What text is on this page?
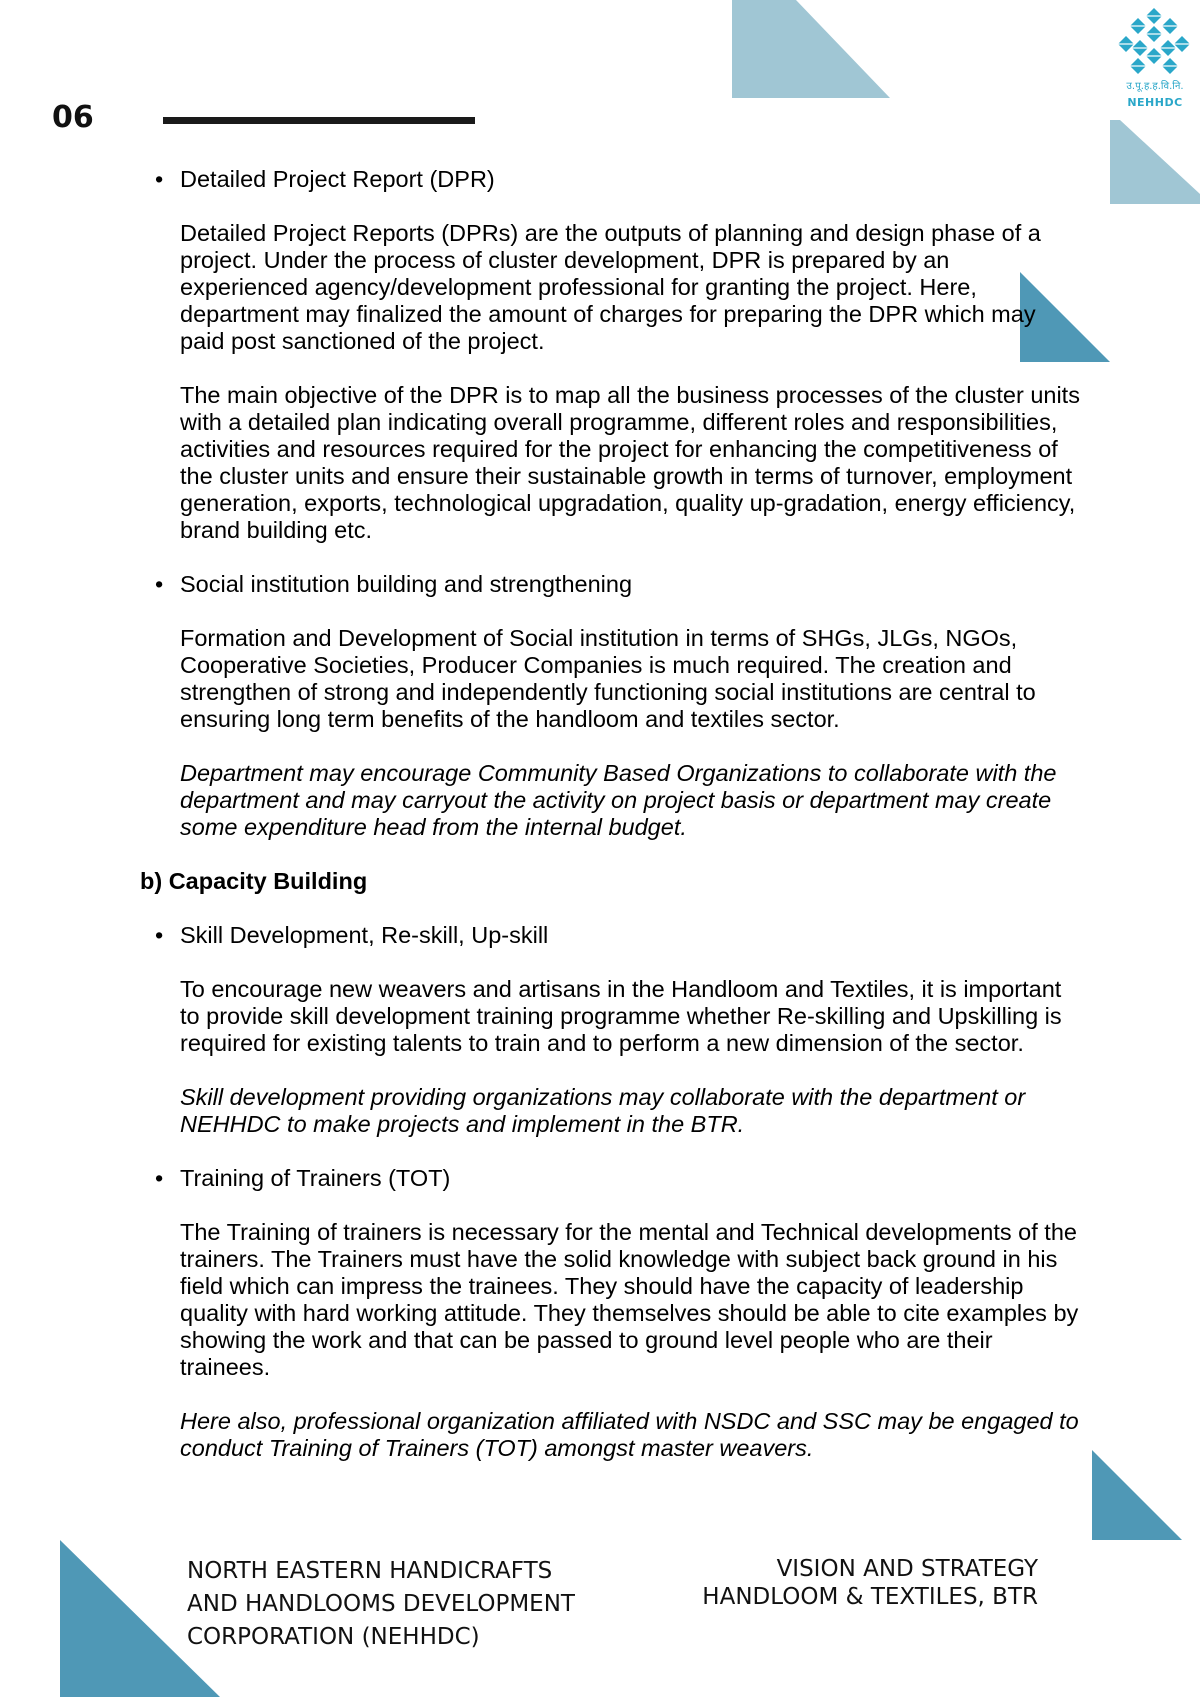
06
उ.पू.ह.ह.वि.नि.
NEHHDC

• Detailed Project Report (DPR)

Detailed Project Reports (DPRs) are the outputs of planning and design phase of a project. Under the process of cluster development, DPR is prepared by an experienced agency/development professional for granting the project. Here, department may finalized the amount of charges for preparing the DPR which may paid post sanctioned of the project.

The main objective of the DPR is to map all the business processes of the cluster units with a detailed plan indicating overall programme, different roles and responsibilities, activities and resources required for the project for enhancing the competitiveness of the cluster units and ensure their sustainable growth in terms of turnover, employment generation, exports, technological upgradation, quality up-gradation, energy efficiency, brand building etc.

• Social institution building and strengthening

Formation and Development of Social institution in terms of SHGs, JLGs, NGOs, Cooperative Societies, Producer Companies is much required. The creation and strengthen of strong and independently functioning social institutions are central to ensuring long term benefits of the handloom and textiles sector.

Department may encourage Community Based Organizations to collaborate with the department and may carryout the activity on project basis or department may create some expenditure head from the internal budget.

b) Capacity Building

• Skill Development, Re-skill, Up-skill

To encourage new weavers and artisans in the Handloom and Textiles, it is important to provide skill development training programme whether Re-skilling and Upskilling is required for existing talents to train and to perform a new dimension of the sector.

Skill development providing organizations may collaborate with the department or NEHHDC to make projects and implement in the BTR.

• Training of Trainers (TOT)

The Training of trainers is necessary for the mental and Technical developments of the trainers. The Trainers must have the solid knowledge with subject back ground in his field which can impress the trainees. They should have the capacity of leadership quality with hard working attitude. They themselves should be able to cite examples by showing the work and that can be passed to ground level people who are their trainees.

Here also, professional organization affiliated with NSDC and SSC may be engaged to conduct Training of Trainers (TOT) amongst master weavers.

NORTH EASTERN HANDICRAFTS
AND HANDLOOMS DEVELOPMENT
CORPORATION (NEHHDC)
VISION AND STRATEGY
HANDLOOM & TEXTILES, BTR
